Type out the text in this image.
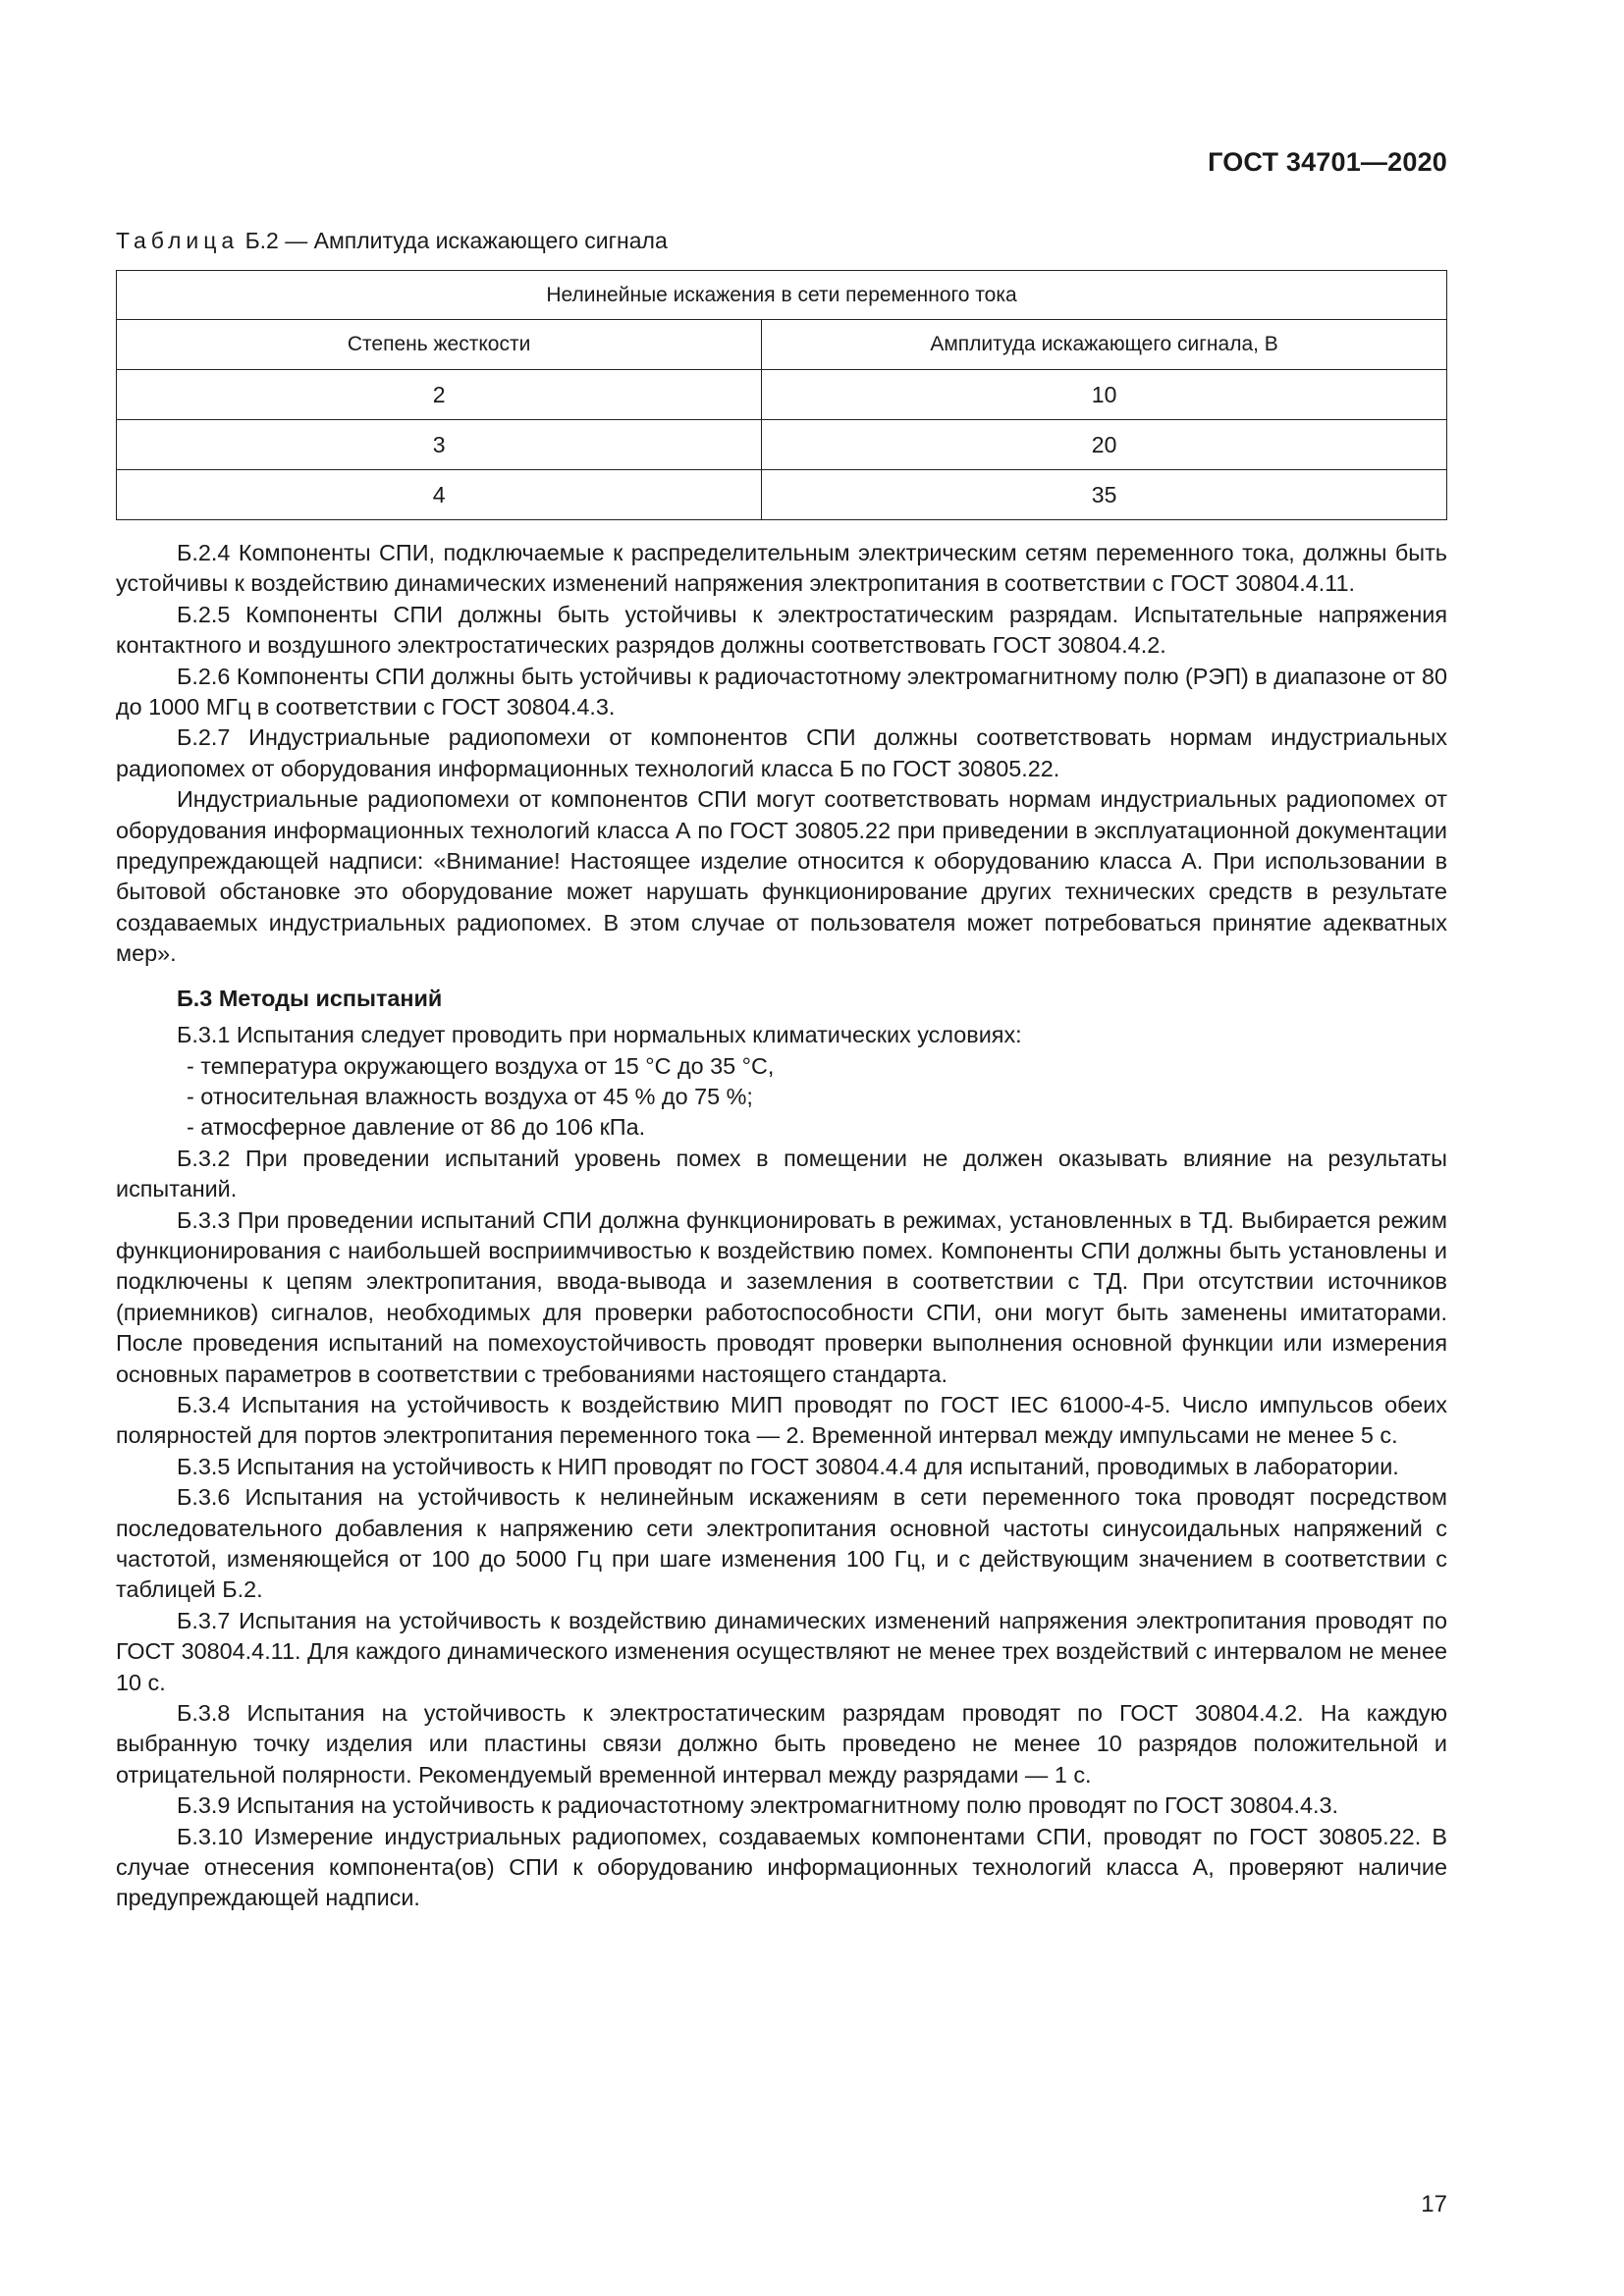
ГОСТ 34701—2020
Таблица Б.2 — Амплитуда искажающего сигнала
Нелинейные искажения в сети переменного тока	
Степень жесткости	Амплитуда искажающего сигнала, В
2	10
3	20
4	35

Б.2.4 Компоненты СПИ, подключаемые к распределительным электрическим сетям переменного тока, должны быть устойчивы к воздействию динамических изменений напряжения электропитания в соответствии с ГОСТ 30804.4.11.

Б.2.5 Компоненты СПИ должны быть устойчивы к электростатическим разрядам. Испытательные напряжения контактного и воздушного электростатических разрядов должны соответствовать ГОСТ 30804.4.2.

Б.2.6 Компоненты СПИ должны быть устойчивы к радиочастотному электромагнитному полю (РЭП) в диапазоне от 80 до 1000 МГц в соответствии с ГОСТ 30804.4.3.

Б.2.7 Индустриальные радиопомехи от компонентов СПИ должны соответствовать нормам индустриальных радиопомех от оборудования информационных технологий класса Б по ГОСТ 30805.22.

Индустриальные радиопомехи от компонентов СПИ могут соответствовать нормам индустриальных радиопомех от оборудования информационных технологий класса А по ГОСТ 30805.22 при приведении в эксплуатационной документации предупреждающей надписи: «Внимание! Настоящее изделие относится к оборудованию класса А. При использовании в бытовой обстановке это оборудование может нарушать функционирование других технических средств в результате создаваемых индустриальных радиопомех. В этом случае от пользователя может потребоваться принятие адекватных мер».

Б.3 Методы испытаний

Б.3.1 Испытания следует проводить при нормальных климатических условиях:

- температура окружающего воздуха от 15 °С до 35 °С,

- относительная влажность воздуха от 45 % до 75 %;

- атмосферное давление от 86 до 106 кПа.

Б.3.2 При проведении испытаний уровень помех в помещении не должен оказывать влияние на результаты испытаний.

Б.3.3 При проведении испытаний СПИ должна функционировать в режимах, установленных в ТД. Выбирается режим функционирования с наибольшей восприимчивостью к воздействию помех. Компоненты СПИ должны быть установлены и подключены к цепям электропитания, ввода-вывода и заземления в соответствии с ТД. При отсутствии источников (приемников) сигналов, необходимых для проверки работоспособности СПИ, они могут быть заменены имитаторами. После проведения испытаний на помехоустойчивость проводят проверки выполнения основной функции или измерения основных параметров в соответствии с требованиями настоящего стандарта.

Б.3.4 Испытания на устойчивость к воздействию МИП проводят по ГОСТ IEC 61000-4-5. Число импульсов обеих полярностей для портов электропитания переменного тока — 2. Временной интервал между импульсами не менее 5 с.

Б.3.5 Испытания на устойчивость к НИП проводят по ГОСТ 30804.4.4 для испытаний, проводимых в лаборатории.

Б.3.6 Испытания на устойчивость к нелинейным искажениям в сети переменного тока проводят посредством последовательного добавления к напряжению сети электропитания основной частоты синусоидальных напряжений с частотой, изменяющейся от 100 до 5000 Гц при шаге изменения 100 Гц, и с действующим значением в соответствии с таблицей Б.2.

Б.3.7 Испытания на устойчивость к воздействию динамических изменений напряжения электропитания проводят по ГОСТ 30804.4.11. Для каждого динамического изменения осуществляют не менее трех воздействий с интервалом не менее 10 с.

Б.3.8 Испытания на устойчивость к электростатическим разрядам проводят по ГОСТ 30804.4.2. На каждую выбранную точку изделия или пластины связи должно быть проведено не менее 10 разрядов положительной и отрицательной полярности. Рекомендуемый временной интервал между разрядами — 1 с.

Б.3.9 Испытания на устойчивость к радиочастотному электромагнитному полю проводят по ГОСТ 30804.4.3.

Б.3.10 Измерение индустриальных радиопомех, создаваемых компонентами СПИ, проводят по ГОСТ 30805.22. В случае отнесения компонента(ов) СПИ к оборудованию информационных технологий класса А, проверяют наличие предупреждающей надписи.

17
